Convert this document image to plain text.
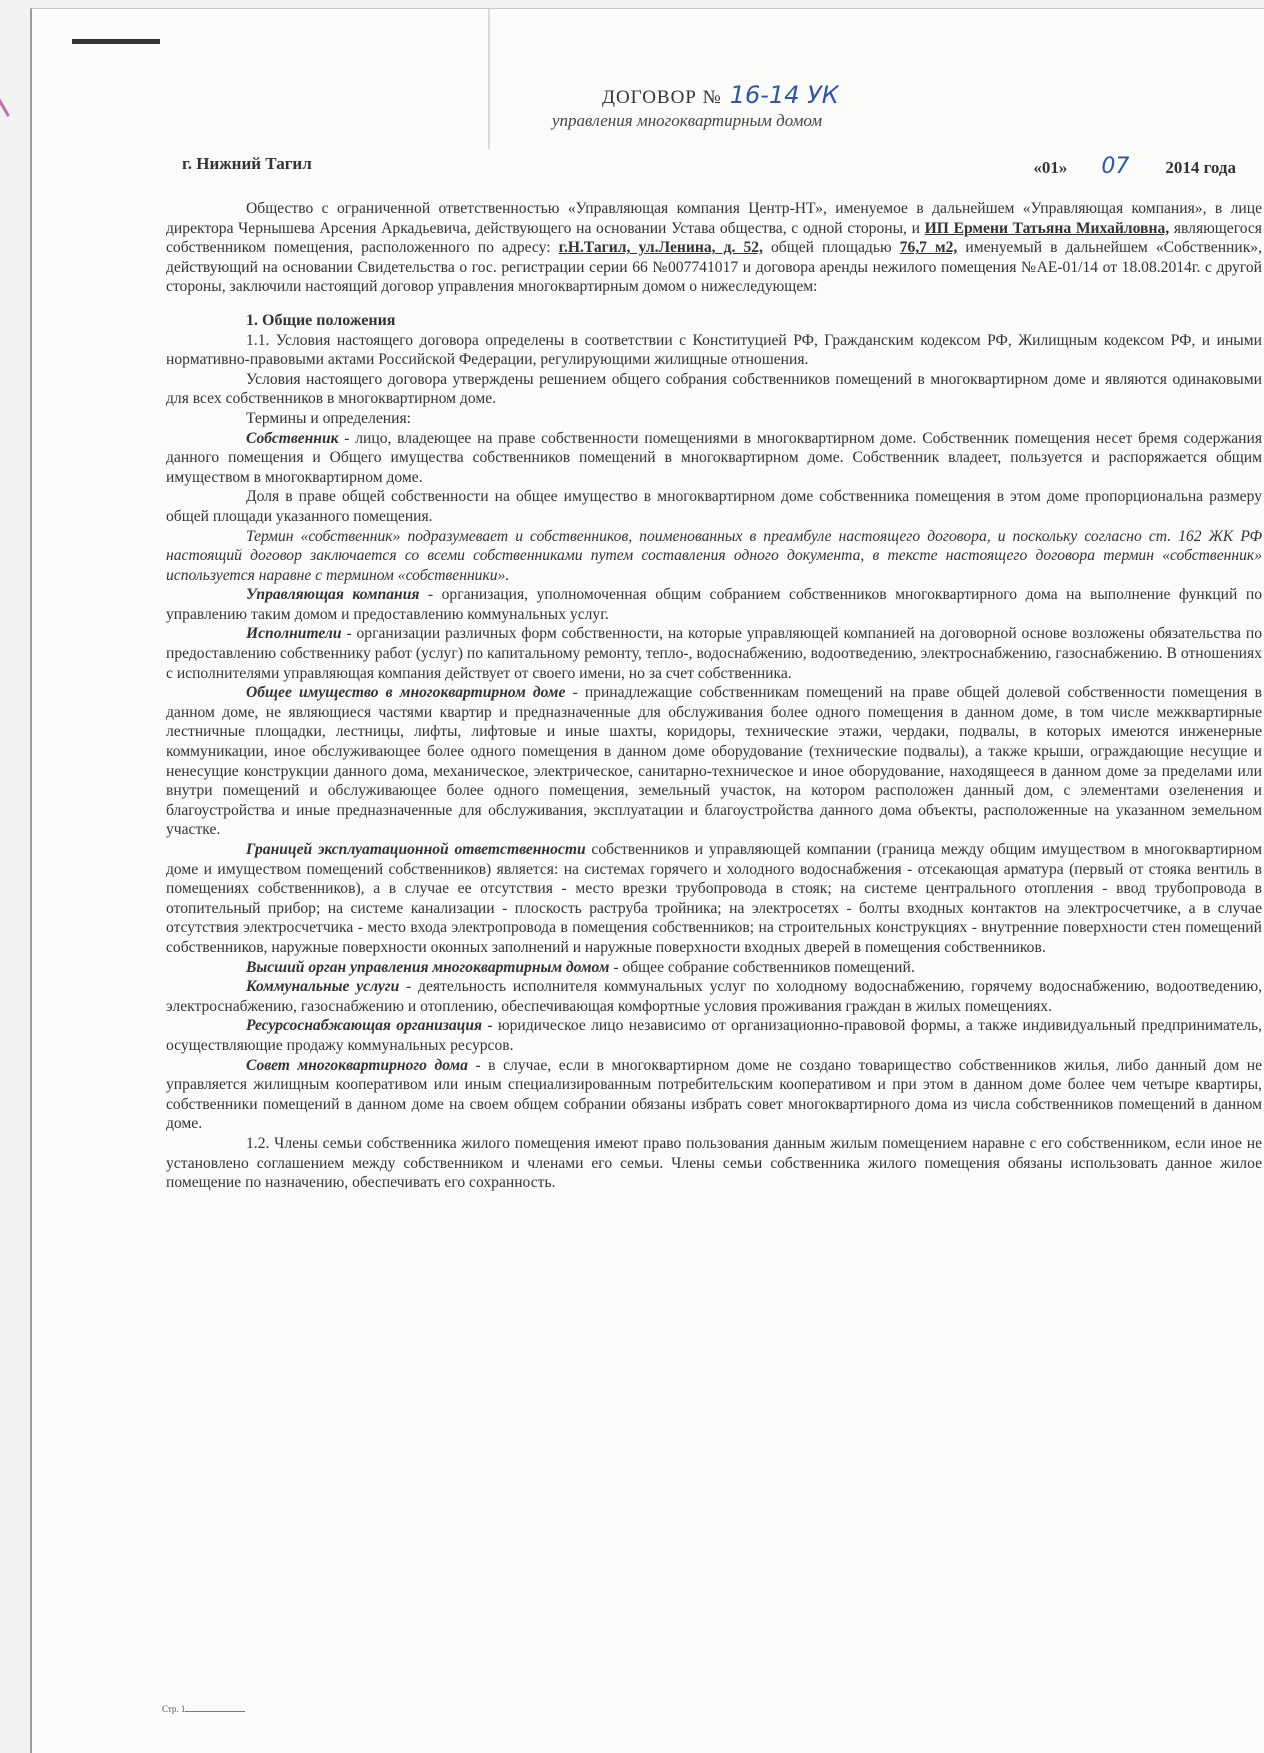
ДОГОВОР № 16-14 УК
управления многоквартирным домом
г. Нижний Тагил	«01» 07 2014 года

Общество с ограниченной ответственностью «Управляющая компания Центр-НТ», именуемое в дальнейшем «Управляющая компания», в лице директора Чернышева Арсения Аркадьевича, действующего на основании Устава общества, с одной стороны, и ИП Ермени Татьяна Михайловна, являющегося собственником помещения, расположенного по адресу: г.Н.Тагил, ул.Ленина, д. 52, общей площадью 76,7 м2, именуемый в дальнейшем «Собственник», действующий на основании Свидетельства о гос. регистрации серии 66 №007741017 и договора аренды нежилого помещения №АЕ-01/14 от 18.08.2014г. с другой стороны, заключили настоящий договор управления многоквартирным домом о нижеследующем:

1. Общие положения

1.1. Условия настоящего договора определены в соответствии с Конституцией РФ, Гражданским кодексом РФ, Жилищным кодексом РФ, и иными нормативно-правовыми актами Российской Федерации, регулирующими жилищные отношения.

Условия настоящего договора утверждены решением общего собрания собственников помещений в многоквартирном доме и являются одинаковыми для всех собственников в многоквартирном доме.

Термины и определения:

Собственник - лицо, владеющее на праве собственности помещениями в многоквартирном доме. Собственник помещения несет бремя содержания данного помещения и Общего имущества собственников помещений в многоквартирном доме. Собственник владеет, пользуется и распоряжается общим имуществом в многоквартирном доме.

Доля в праве общей собственности на общее имущество в многоквартирном доме собственника помещения в этом доме пропорциональна размеру общей площади указанного помещения.

Термин «собственник» подразумевает и собственников, поименованных в преамбуле настоящего договора, и поскольку согласно ст. 162 ЖК РФ настоящий договор заключается со всеми собственниками путем составления одного документа, в тексте настоящего договора термин «собственник» используется наравне с термином «собственники».

Управляющая компания - организация, уполномоченная общим собранием собственников многоквартирного дома на выполнение функций по управлению таким домом и предоставлению коммунальных услуг.

Исполнители - организации различных форм собственности, на которые управляющей компанией на договорной основе возложены обязательства по предоставлению собственнику работ (услуг) по капитальному ремонту, тепло-, водоснабжению, водоотведению, электроснабжению, газоснабжению. В отношениях с исполнителями управляющая компания действует от своего имени, но за счет собственника.

Общее имущество в многоквартирном доме - принадлежащие собственникам помещений на праве общей долевой собственности помещения в данном доме, не являющиеся частями квартир и предназначенные для обслуживания более одного помещения в данном доме, в том числе межквартирные лестничные площадки, лестницы, лифты, лифтовые и иные шахты, коридоры, технические этажи, чердаки, подвалы, в которых имеются инженерные коммуникации, иное обслуживающее более одного помещения в данном доме оборудование (технические подвалы), а также крыши, ограждающие несущие и ненесущие конструкции данного дома, механическое, электрическое, санитарно-техническое и иное оборудование, находящееся в данном доме за пределами или внутри помещений и обслуживающее более одного помещения, земельный участок, на котором расположен данный дом, с элементами озеленения и благоустройства и иные предназначенные для обслуживания, эксплуатации и благоустройства данного дома объекты, расположенные на указанном земельном участке.

Границей эксплуатационной ответственности собственников и управляющей компании (граница между общим имуществом в многоквартирном доме и имуществом помещений собственников) является: на системах горячего и холодного водоснабжения - отсекающая арматура (первый от стояка вентиль в помещениях собственников), а в случае ее отсутствия - место врезки трубопровода в стояк; на системе центрального отопления - ввод трубопровода в отопительный прибор; на системе канализации - плоскость раструба тройника; на электросетях - болты входных контактов на электросчетчике, а в случае отсутствия электросчетчика - место входа электропровода в помещения собственников; на строительных конструкциях - внутренние поверхности стен помещений собственников, наружные поверхности оконных заполнений и наружные поверхности входных дверей в помещения собственников.

Высший орган управления многоквартирным домом - общее собрание собственников помещений.

Коммунальные услуги - деятельность исполнителя коммунальных услуг по холодному водоснабжению, горячему водоснабжению, водоотведению, электроснабжению, газоснабжению и отоплению, обеспечивающая комфортные условия проживания граждан в жилых помещениях.

Ресурсоснабжающая организация - юридическое лицо независимо от организационно-правовой формы, а также индивидуальный предприниматель, осуществляющие продажу коммунальных ресурсов.

Совет многоквартирного дома - в случае, если в многоквартирном доме не создано товарищество собственников жилья, либо данный дом не управляется жилищным кооперативом или иным специализированным потребительским кооперативом и при этом в данном доме более чем четыре квартиры, собственники помещений в данном доме на своем общем собрании обязаны избрать совет многоквартирного дома из числа собственников помещений в данном доме.

1.2. Члены семьи собственника жилого помещения имеют право пользования данным жилым помещением наравне с его собственником, если иное не установлено соглашением между собственником и членами его семьи. Члены семьи собственника жилого помещения обязаны использовать данное жилое помещение по назначению, обеспечивать его сохранность.

Стр. 1
